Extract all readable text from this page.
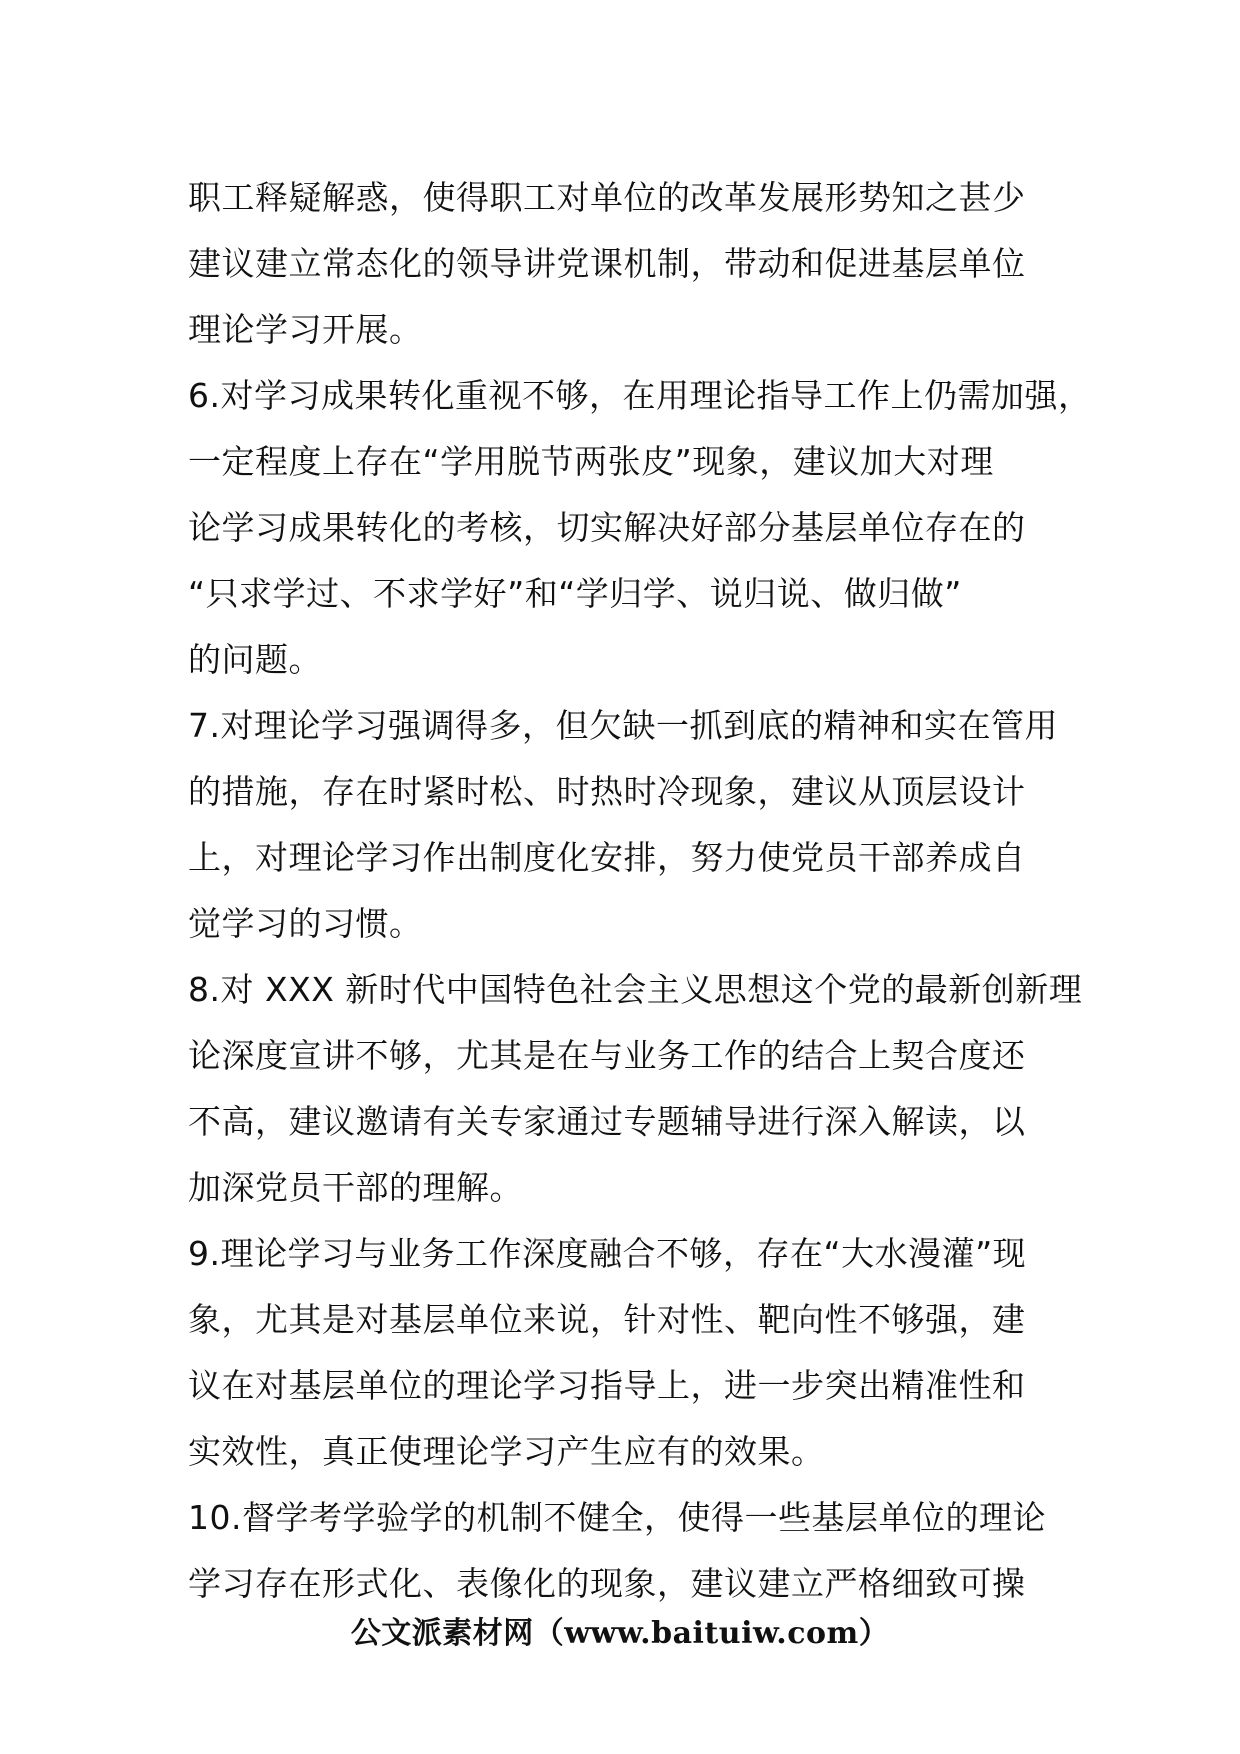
职工释疑解惑，使得职工对单位的改革发展形势知之甚少
建议建立常态化的领导讲党课机制，带动和促进基层单位
理论学习开展。
6.对学习成果转化重视不够，在用理论指导工作上仍需加强，
一定程度上存在“学用脱节两张皮”现象，建议加大对理
论学习成果转化的考核，切实解决好部分基层单位存在的
“只求学过、不求学好”和“学归学、说归说、做归做”
的问题。
7.对理论学习强调得多，但欠缺一抓到底的精神和实在管用
的措施，存在时紧时松、时热时冷现象，建议从顶层设计
上，对理论学习作出制度化安排，努力使党员干部养成自
觉学习的习惯。
8.对 XXX 新时代中国特色社会主义思想这个党的最新创新理
论深度宣讲不够，尤其是在与业务工作的结合上契合度还
不高，建议邀请有关专家通过专题辅导进行深入解读，以
加深党员干部的理解。
9.理论学习与业务工作深度融合不够，存在“大水漫灌”现
象，尤其是对基层单位来说，针对性、靶向性不够强，建
议在对基层单位的理论学习指导上，进一步突出精准性和
实效性，真正使理论学习产生应有的效果。
10.督学考学验学的机制不健全，使得一些基层单位的理论
学习存在形式化、表像化的现象，建议建立严格细致可操
公文派素材网（www.baituiw.com）
